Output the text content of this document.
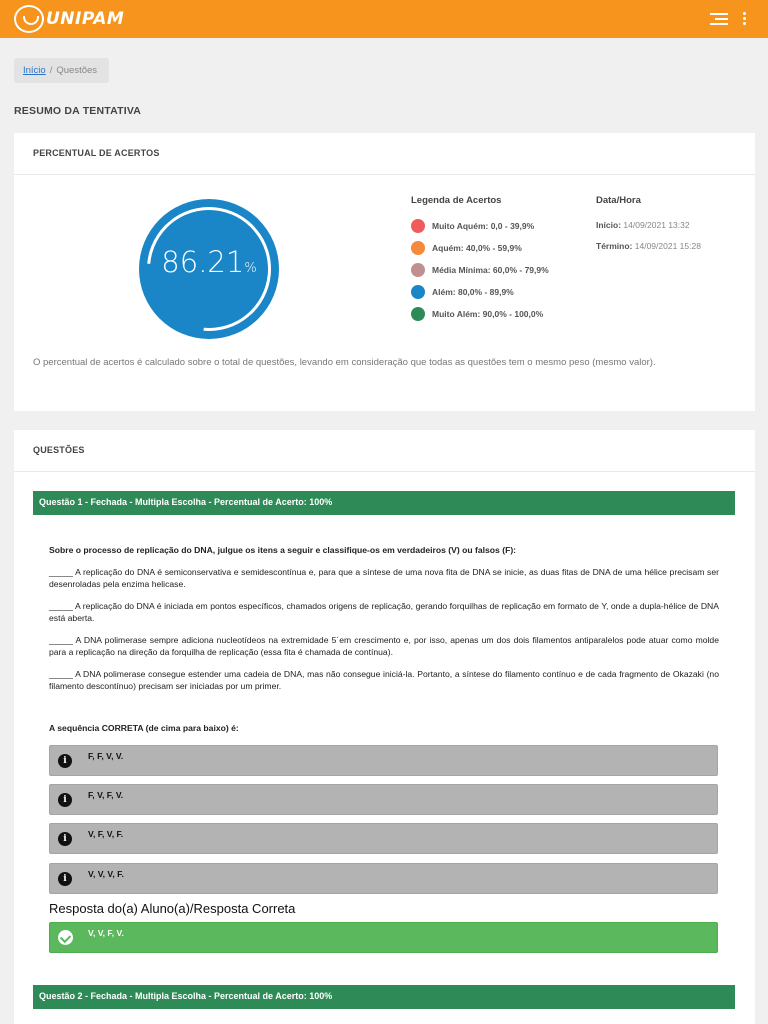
UNIPAM
Início / Questões
RESUMO DA TENTATIVA
PERCENTUAL DE ACERTOS
86.21%
Legenda de Acertos
Muito Aquém: 0,0 - 39,9%
Aquém: 40,0% - 59,9%
Média Mínima: 60,0% - 79,9%
Além: 80,0% - 89,9%
Muito Além: 90,0% - 100,0%
Data/Hora
Início: 14/09/2021 13:32
Término: 14/09/2021 15:28
O percentual de acertos é calculado sobre o total de questões, levando em consideração que todas as questões tem o mesmo peso (mesmo valor).
QUESTÕES
Questão 1 - Fechada - Multipla Escolha - Percentual de Acerto: 100%

Sobre o processo de replicação do DNA, julgue os itens a seguir e classifique-os em verdadeiros (V) ou falsos (F):

_____ A replicação do DNA é semiconservativa e semidescontínua e, para que a síntese de uma nova fita de DNA se inicie, as duas fitas de DNA de uma hélice precisam ser desenroladas pela enzima helicase.

_____ A replicação do DNA é iniciada em pontos específicos, chamados origens de replicação, gerando forquilhas de replicação em formato de Y, onde a dupla-hélice de DNA está aberta.

_____ A DNA polimerase sempre adiciona nucleotídeos na extremidade 5´em crescimento e, por isso, apenas um dos dois filamentos antiparalelos pode atuar como molde para a replicação na direção da forquilha de replicação (essa fita é chamada de contínua).

_____ A DNA polimerase consegue estender uma cadeia de DNA, mas não consegue iniciá-la. Portanto, a síntese do filamento contínuo e de cada fragmento de Okazaki (no filamento descontínuo) precisam ser iniciadas por um primer.

A sequência CORRETA (de cima para baixo) é:
i	F, F, V, V.
i	F, V, F, V.
i	V, F, V, F.
i	V, V, V, F.
Resposta do(a) Aluno(a)/Resposta Correta
V, V, F, V.
Questão 2 - Fechada - Multipla Escolha - Percentual de Acerto: 100%
